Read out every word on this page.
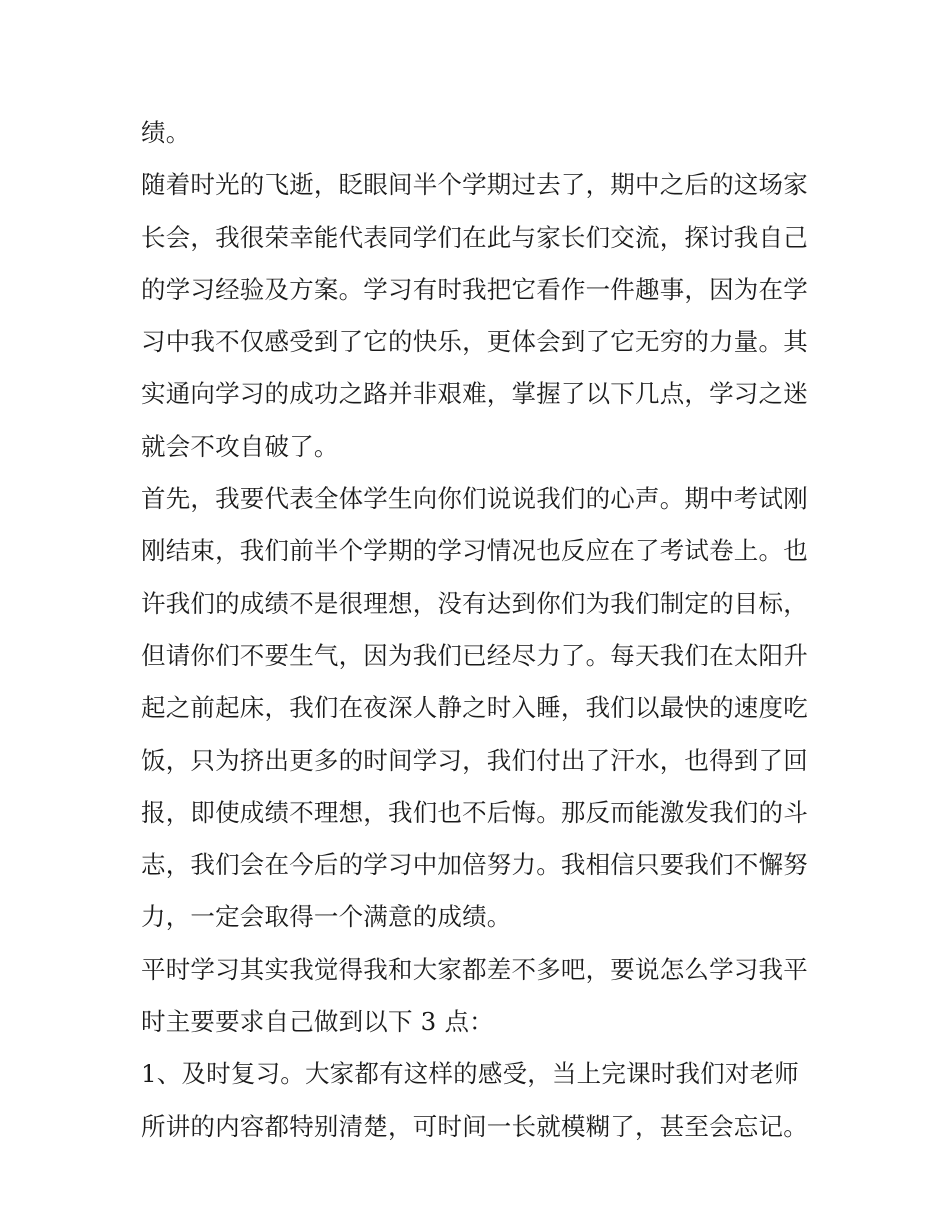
绩。
随着时光的飞逝，眨眼间半个学期过去了，期中之后的这场家
长会，我很荣幸能代表同学们在此与家长们交流，探讨我自己
的学习经验及方案。学习有时我把它看作一件趣事，因为在学
习中我不仅感受到了它的快乐，更体会到了它无穷的力量。其
实通向学习的成功之路并非艰难，掌握了以下几点，学习之迷
就会不攻自破了。
首先，我要代表全体学生向你们说说我们的心声。期中考试刚
刚结束，我们前半个学期的学习情况也反应在了考试卷上。也
许我们的成绩不是很理想，没有达到你们为我们制定的目标，
但请你们不要生气，因为我们已经尽力了。每天我们在太阳升
起之前起床，我们在夜深人静之时入睡，我们以最快的速度吃
饭，只为挤出更多的时间学习，我们付出了汗水，也得到了回
报，即使成绩不理想，我们也不后悔。那反而能激发我们的斗
志，我们会在今后的学习中加倍努力。我相信只要我们不懈努
力，一定会取得一个满意的成绩。
平时学习其实我觉得我和大家都差不多吧，要说怎么学习我平
时主要要求自己做到以下 3 点：
1、及时复习。大家都有这样的感受，当上完课时我们对老师
所讲的内容都特别清楚，可时间一长就模糊了，甚至会忘记。
